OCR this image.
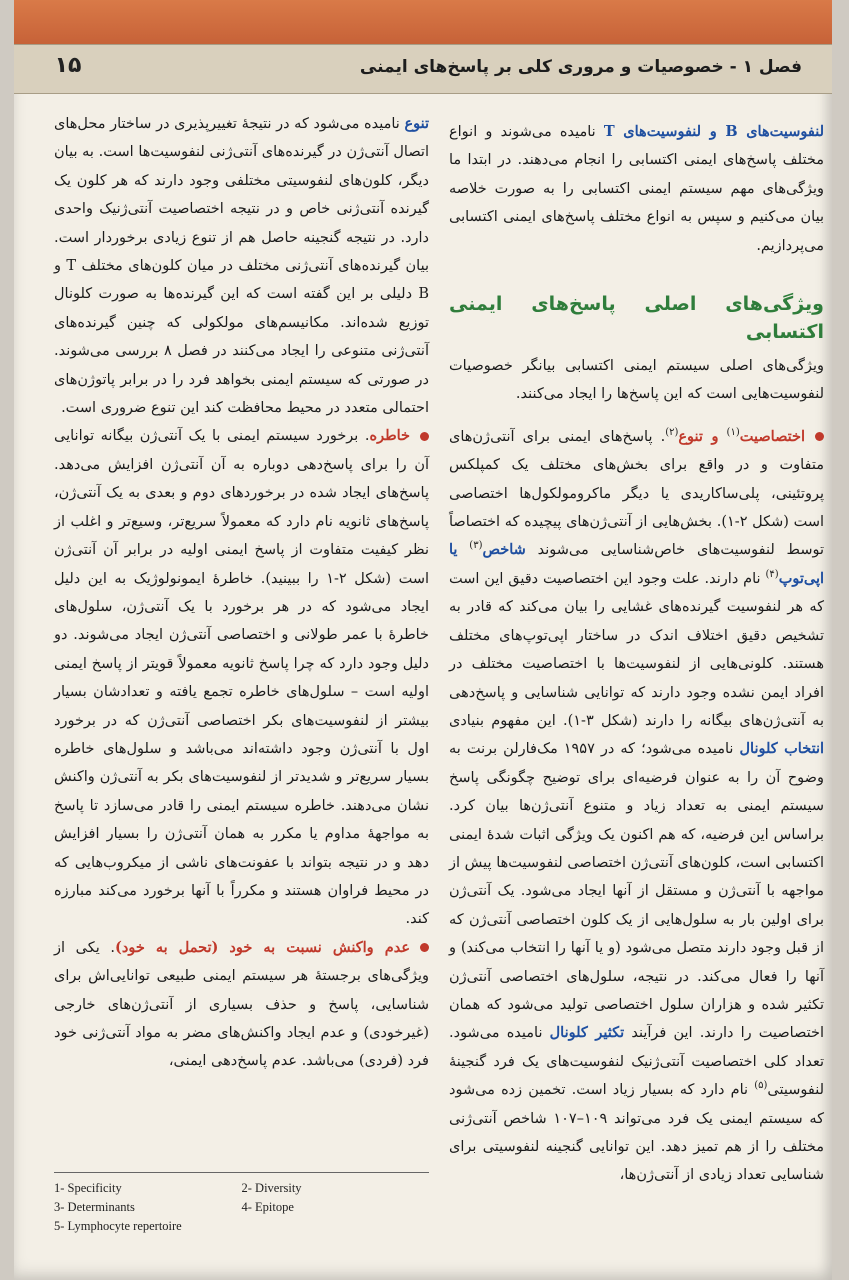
۱۵	فصل ۱ - خصوصیات و مروری کلی بر پاسخ‌های ایمنی

لنفوسیت‌های B و لنفوسیت‌های T نامیده می‌شوند و انواع مختلف پاسخ‌های ایمنی اکتسابی را انجام می‌دهند. در ابتدا ما ویژگی‌های مهم سیستم ایمنی اکتسابی را به صورت خلاصه بیان می‌کنیم و سپس به انواع مختلف پاسخ‌های ایمنی اکتسابی می‌پردازیم.

ویژگی‌های اصلی پاسخ‌های ایمنی اکتسابی

ویژگی‌های اصلی سیستم ایمنی اکتسابی بیانگر خصوصیات لنفوسیت‌هایی است که این پاسخ‌ها را ایجاد می‌کنند.

اختصاصیت$^{(۱)}$ و تنوع$^{(۲)}$. پاسخ‌های ایمنی برای آنتی‌ژن‌های متفاوت و در واقع برای بخش‌های مختلف یک کمپلکس پروتئینی، پلی‌ساکاریدی یا دیگر ماکرومولکول‌ها اختصاصی است (شکل ۲-۱). بخش‌هایی از آنتی‌ژن‌های پیچیده که اختصاصاً توسط لنفوسیت‌های خاص‌شناسایی می‌شوند شاخص$^{(۳)}$ یا اپی‌توپ$^{(۴)}$ نام دارند. علت وجود این اختصاصیت دقیق این است که هر لنفوسیت گیرنده‌های غشایی را بیان می‌کند که قادر به تشخیص دقیق اختلاف اندک در ساختار اپی‌توپ‌های مختلف هستند. کلونی‌هایی از لنفوسیت‌ها با اختصاصیت مختلف در افراد ایمن نشده وجود دارند که توانایی شناسایی و پاسخ‌دهی به آنتی‌ژن‌های بیگانه را دارند (شکل ۳-۱). این مفهوم بنیادی انتخاب کلونال نامیده می‌شود؛ که در ۱۹۵۷ مک‌فارلن برنت به وضوح آن را به عنوان فرضیه‌ای برای توضیح چگونگی پاسخ سیستم ایمنی به تعداد زیاد و متنوع آنتی‌ژن‌ها بیان کرد. براساس این فرضیه، که هم اکنون یک ویژگی اثبات شدهٔ ایمنی اکتسابی است، کلون‌های آنتی‌ژن اختصاصی لنفوسیت‌ها پیش از مواجهه با آنتی‌ژن و مستقل از آنها ایجاد می‌شود. یک آنتی‌ژن برای اولین بار به سلول‌هایی از یک کلون اختصاصی آنتی‌ژن که از قبل وجود دارند متصل می‌شود (و یا آنها را انتخاب می‌کند) و آنها را فعال می‌کند. در نتیجه، سلول‌های اختصاصی آنتی‌ژن تکثیر شده و هزاران سلول اختصاصی تولید می‌شود که همان اختصاصیت را دارند. این فرآیند تکثیر کلونال نامیده می‌شود. تعداد کلی اختصاصیت آنتی‌ژنیک لنفوسیت‌های یک فرد گنجینهٔ لنفوسیتی$^{(۵)}$ نام دارد که بسیار زیاد است. تخمین زده می‌شود که سیستم ایمنی یک فرد می‌تواند ۱۰۹–۱۰۷ شاخص آنتی‌ژنی مختلف را از هم تمیز دهد. این توانایی گنجینه لنفوسیتی برای شناسایی تعداد زیادی از آنتی‌ژن‌ها،

تنوع نامیده می‌شود که در نتیجهٔ تغییرپذیری در ساختار محل‌های اتصال آنتی‌ژن در گیرنده‌های آنتی‌ژنی لنفوسیت‌ها است. به بیان دیگر، کلون‌های لنفوسیتی مختلفی وجود دارند که هر کلون یک گیرنده آنتی‌ژنی خاص و در نتیجه اختصاصیت آنتی‌ژنیک واحدی دارد. در نتیجه گنجینه حاصل هم از تنوع زیادی برخوردار است. بیان گیرنده‌های آنتی‌ژنی مختلف در میان کلون‌های مختلف T و B دلیلی بر این گفته است که این گیرنده‌ها به صورت کلونال توزیع شده‌اند. مکانیسم‌های مولکولی که چنین گیرنده‌های آنتی‌ژنی متنوعی را ایجاد می‌کنند در فصل ۸ بررسی می‌شوند. در صورتی که سیستم ایمنی بخواهد فرد را در برابر پاتوژن‌های احتمالی متعدد در محیط محافظت کند این تنوع ضروری است.

خاطره. برخورد سیستم ایمنی با یک آنتی‌ژن بیگانه توانایی آن را برای پاسخ‌دهی دوباره به آن آنتی‌ژن افزایش می‌دهد. پاسخ‌های ایجاد شده در برخوردهای دوم و بعدی به یک آنتی‌ژن، پاسخ‌های ثانویه نام دارد که معمولاً سریع‌تر، وسیع‌تر و اغلب از نظر کیفیت متفاوت از پاسخ ایمنی اولیه در برابر آن آنتی‌ژن است (شکل ۲-۱ را ببینید). خاطرهٔ ایمونولوژیک به این دلیل ایجاد می‌شود که در هر برخورد با یک آنتی‌ژن، سلول‌های خاطرهٔ با عمر طولانی و اختصاصی آنتی‌ژن ایجاد می‌شوند. دو دلیل وجود دارد که چرا پاسخ ثانویه معمولاً قویتر از پاسخ ایمنی اولیه است – سلول‌های خاطره تجمع یافته و تعدادشان بسیار بیشتر از لنفوسیت‌های بکر اختصاصی آنتی‌ژن که در برخورد اول با آنتی‌ژن وجود داشته‌اند می‌باشد و سلول‌های خاطره بسیار سریع‌تر و شدیدتر از لنفوسیت‌های بکر به آنتی‌ژن واکنش نشان می‌دهند. خاطره سیستم ایمنی را قادر می‌سازد تا پاسخ به مواجههٔ مداوم یا مکرر به همان آنتی‌ژن را بسیار افزایش دهد و در نتیجه بتواند با عفونت‌های ناشی از میکروب‌هایی که در محیط فراوان هستند و مکرراً با آنها برخورد می‌کند مبارزه کند.

عدم واکنش نسبت به خود (تحمل به خود). یکی از ویژگی‌های برجستهٔ هر سیستم ایمنی طبیعی توانایی‌اش برای شناسایی، پاسخ و حذف بسیاری از آنتی‌ژن‌های خارجی (غیرخودی) و عدم ایجاد واکنش‌های مضر به مواد آنتی‌ژنی خود فرد (فردی) می‌باشد. عدم پاسخ‌دهی ایمنی،

1- Specificity	2- Diversity
3- Determinants	4- Epitope
5- Lymphocyte repertoire
